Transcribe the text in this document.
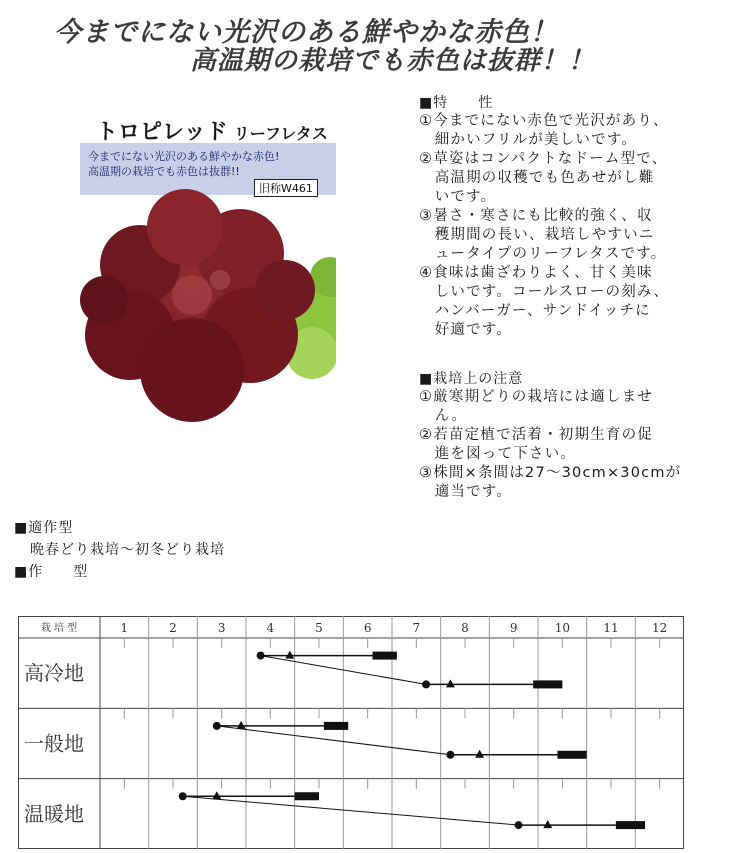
今までにない光沢のある鮮やかな赤色！
高温期の栽培でも赤色は抜群！！
トロピレッド リーフレタス
今までにない光沢のある鮮やかな赤色!
高温期の栽培でも赤色は抜群!!
旧称W461
■特　　性
①今までにない赤色で光沢があり、
　細かいフリルが美しいです。
②草姿はコンパクトなドーム型で、
　高温期の収穫でも色あせがし難
　いです。
③暑さ・寒さにも比較的強く、収
　穫期間の長い、栽培しやすいニ
　ュータイプのリーフレタスです。
④食味は歯ざわりよく、甘く美味
　しいです。コールスローの刻み、
　ハンバーガー、サンドイッチに
　好適です。
■栽培上の注意
①厳寒期どりの栽培には適しませ
　ん。
②若苗定植で活着・初期生育の促
　進を図って下さい。
③株間×条間は27～30cm×30cmが
　適当です。
■適作型
晩春どり栽培～初冬どり栽培
■作　　型
栽 培 型	1	2	3	4	5	6	7	8	9	10	11	12
高冷地
一般地
温暖地
